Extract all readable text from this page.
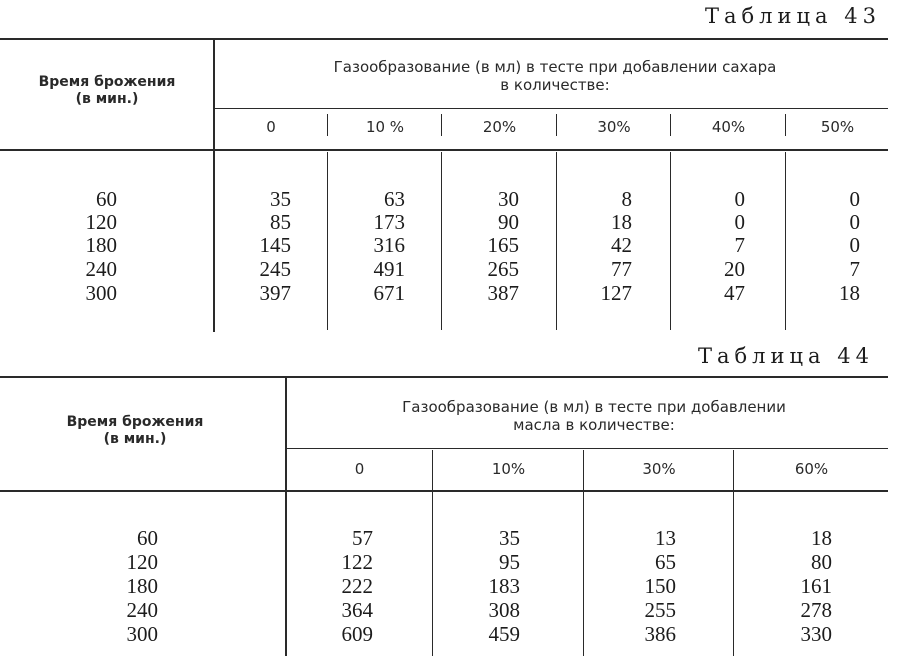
Таблица 43
Время брожения
(в мин.)
Газообразование (в мл) в тесте при добавлении сахара
в количестве:
0	10 %	20%	30%	40%	50%
60	35	63	30	8	0	0
120	85	173	90	18	0	0
180	145	316	165	42	7	0
240	245	491	265	77	20	7
300	397	671	387	127	47	18
Таблица 44
Время брожения
(в мин.)
Газообразование (в мл) в тесте при добавлении
масла в количестве:
0	10%	30%	60%
60	57	35	13	18
120	122	95	65	80
180	222	183	150	161
240	364	308	255	278
300	609	459	386	330
